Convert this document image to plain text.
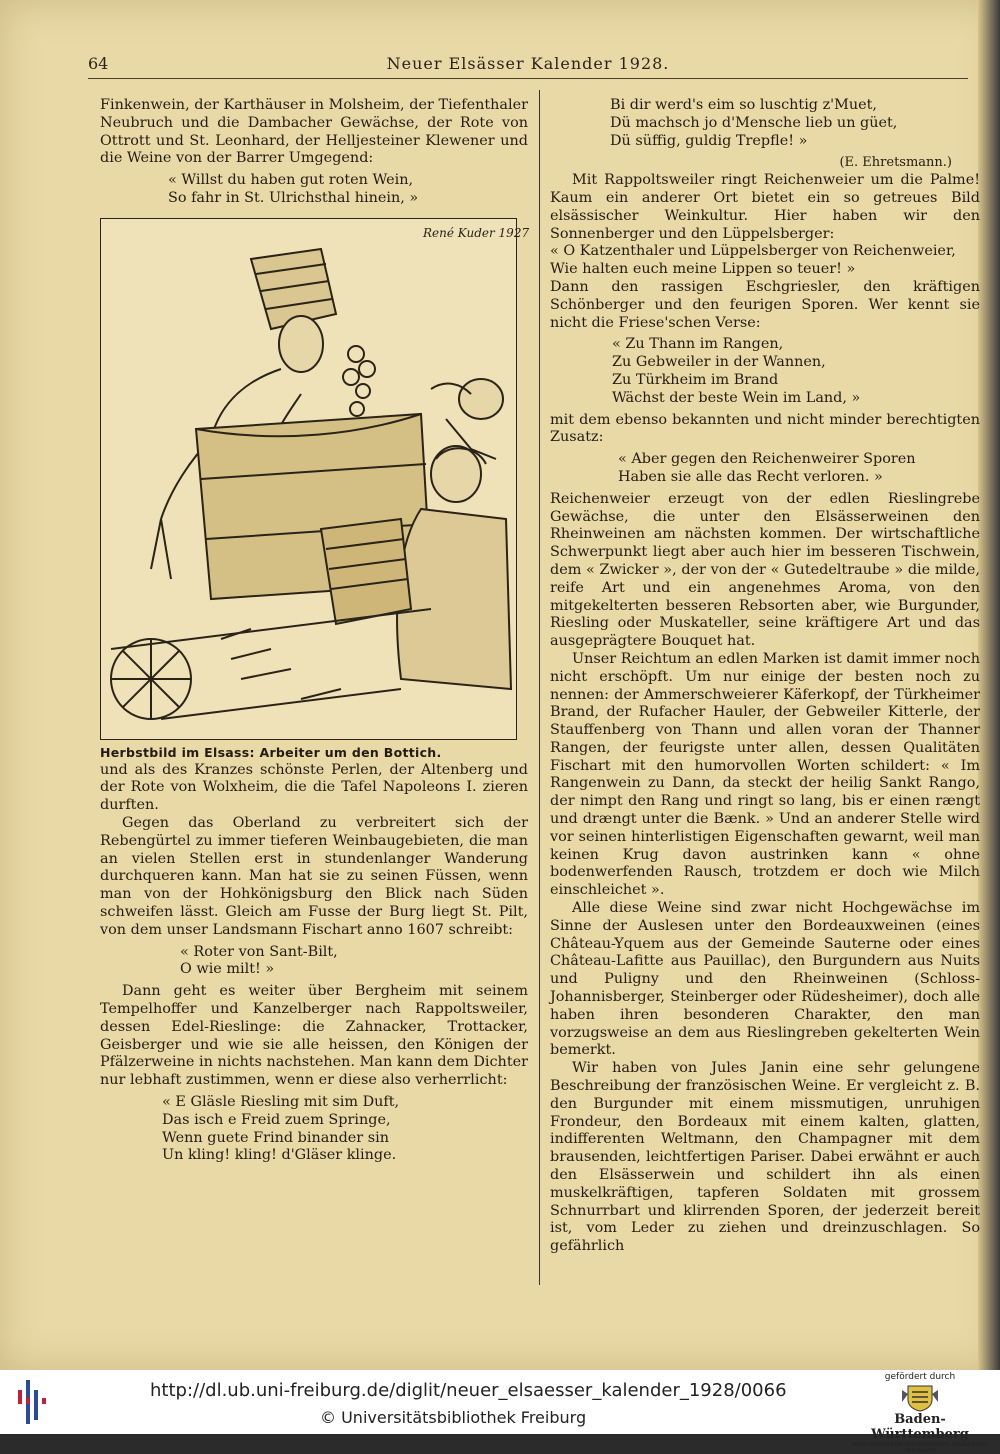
64	Neuer Elsässer Kalender 1928.

Finkenwein, der Karthäuser in Molsheim, der Tiefenthaler Neubruch und die Dambacher Gewächse, der Rote von Ottrott und St. Leonhard, der Helljesteiner Klewener und die Weine von der Barrer Umgegend:

« Willst du haben gut roten Wein,
So fahr in St. Ulrichsthal hinein, »

René Kuder 1927

Herbstbild im Elsass: Arbeiter um den Bottich.

und als des Kranzes schönste Perlen, der Altenberg und der Rote von Wolxheim, die die Tafel Napoleons I. zieren durften.

Gegen das Oberland zu verbreitert sich der Rebengürtel zu immer tieferen Weinbaugebieten, die man an vielen Stellen erst in stundenlanger Wanderung durchqueren kann. Man hat sie zu seinen Füssen, wenn man von der Hohkönigsburg den Blick nach Süden schweifen lässt. Gleich am Fusse der Burg liegt St. Pilt, von dem unser Landsmann Fischart anno 1607 schreibt:

« Roter von Sant-Bilt,
O wie milt! »

Dann geht es weiter über Bergheim mit seinem Tempelhoffer und Kanzelberger nach Rappoltsweiler, dessen Edel-Rieslinge: die Zahnacker, Trottacker, Geisberger und wie sie alle heissen, den Königen der Pfälzerweine in nichts nachstehen. Man kann dem Dichter nur lebhaft zustimmen, wenn er diese also verherrlicht:

« E Gläsle Riesling mit sim Duft,
Das isch e Freid zuem Springe,
Wenn guete Frind binander sin
Un kling! kling! d'Gläser klinge.

Bi dir werd's eim so luschtig z'Muet,
Dü machsch jo d'Mensche lieb un güet,
Dü süffig, guldig Trepfle! »

(E. Ehretsmann.)

Mit Rappoltsweiler ringt Reichenweier um die Palme! Kaum ein anderer Ort bietet ein so getreues Bild elsässischer Weinkultur. Hier haben wir den Sonnenberger und den Lüppelsberger:

« O Katzenthaler und Lüppelsberger von Reichenweier, Wie halten euch meine Lippen so teuer! »

Dann den rassigen Eschgriesler, den kräftigen Schönberger und den feurigen Sporen. Wer kennt sie nicht die Friese'schen Verse:

« Zu Thann im Rangen,
Zu Gebweiler in der Wannen,
Zu Türkheim im Brand
Wächst der beste Wein im Land, »

mit dem ebenso bekannten und nicht minder berechtigten Zusatz:

« Aber gegen den Reichenweirer Sporen
Haben sie alle das Recht verloren. »

Reichenweier erzeugt von der edlen Rieslingrebe Gewächse, die unter den Elsässerweinen den Rheinweinen am nächsten kommen. Der wirtschaftliche Schwerpunkt liegt aber auch hier im besseren Tischwein, dem « Zwicker », der von der « Gutedeltraube » die milde, reife Art und ein angenehmes Aroma, von den mitgekelterten besseren Rebsorten aber, wie Burgunder, Riesling oder Muskateller, seine kräftigere Art und das ausgeprägtere Bouquet hat.

Unser Reichtum an edlen Marken ist damit immer noch nicht erschöpft. Um nur einige der besten noch zu nennen: der Ammerschweierer Käferkopf, der Türkheimer Brand, der Rufacher Hauler, der Gebweiler Kitterle, der Stauffenberg von Thann und allen voran der Thanner Rangen, der feurigste unter allen, dessen Qualitäten Fischart mit den humorvollen Worten schildert: « Im Rangenwein zu Dann, da steckt der heilig Sankt Rango, der nimpt den Rang und ringt so lang, bis er einen rængt und drængt unter die Bænk. » Und an anderer Stelle wird vor seinen hinterlistigen Eigenschaften gewarnt, weil man keinen Krug davon austrinken kann « ohne bodenwerfenden Rausch, trotzdem er doch wie Milch einschleichet ».

Alle diese Weine sind zwar nicht Hochgewächse im Sinne der Auslesen unter den Bordeauxweinen (eines Château-Yquem aus der Gemeinde Sauterne oder eines Château-Lafitte aus Pauillac), den Burgundern aus Nuits und Puligny und den Rheinweinen (Schloss-Johannisberger, Steinberger oder Rüdesheimer), doch alle haben ihren besonderen Charakter, den man vorzugsweise an dem aus Rieslingreben gekelterten Wein bemerkt.

Wir haben von Jules Janin eine sehr gelungene Beschreibung der französischen Weine. Er vergleicht z. B. den Burgunder mit einem missmutigen, unruhigen Frondeur, den Bordeaux mit einem kalten, glatten, indifferenten Weltmann, den Champagner mit dem brausenden, leichtfertigen Pariser. Dabei erwähnt er auch den Elsässerwein und schildert ihn als einen muskelkräftigen, tapferen Soldaten mit grossem Schnurrbart und klirrenden Sporen, der jederzeit bereit ist, vom Leder zu ziehen und dreinzuschlagen. So gefährlich

http://dl.ub.uni-freiburg.de/diglit/neuer_elsaesser_kalender_1928/0066
© Universitätsbibliothek Freiburg
gefördert durch
Baden-Württemberg
MINISTERIUM FÜR WISSENSCHAFT, FORSCHUNG UND KUNST
